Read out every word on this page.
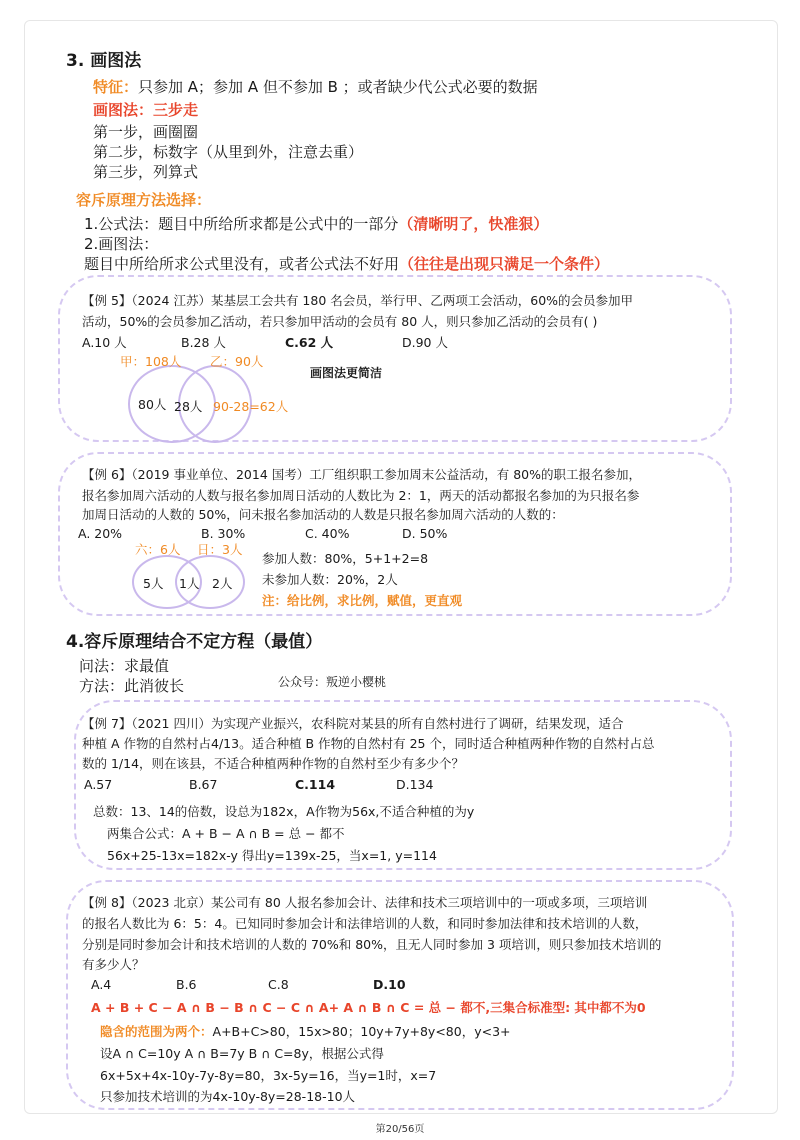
3. 画图法
特征：只参加 A；参加 A 但不参加 B ；或者缺少代公式必要的数据
画图法：三步走
第一步，画圈圈
第二步，标数字（从里到外，注意去重）
第三步，列算式
容斥原理方法选择：
1.公式法：题目中所给所求都是公式中的一部分（清晰明了，快准狠）
2.画图法：
题目中所给所求公式里没有，或者公式法不好用（往往是出现只满足一个条件）
【例 5】（2024 江苏）某基层工会共有 180 名会员，举行甲、乙两项工会活动，60%的会员参加甲
活动，50%的会员参加乙活动，若只参加甲活动的会员有 80 人，则只参加乙活动的会员有( )
A.10 人	B.28 人	C.62 人	D.90 人
甲：108人 乙：90人
80人 28人 90-28=62人
画图法更简洁
【例 6】（2019 事业单位、2014 国考）工厂组织职工参加周末公益活动，有 80%的职工报名参加，
报名参加周六活动的人数与报名参加周日活动的人数比为 2：1，两天的活动都报名参加的为只报名参
加周日活动的人数的 50%，问未报名参加活动的人数是只报名参加周六活动的人数的：
A. 20%	B. 30%	C. 40%	D. 50%
六：6人 日：3人
5人 1人 2人
参加人数：80%，5+1+2=8
未参加人数：20%，2人
注：给比例，求比例，赋值，更直观
4.容斥原理结合不定方程（最值）
问法：求最值
方法：此消彼长	公众号：叛逆小樱桃
【例 7】（2021 四川）为实现产业振兴，农科院对某县的所有自然村进行了调研，结果发现，适合
种植 A 作物的自然村占4/13。适合种植 B 作物的自然村有 25 个，同时适合种植两种作物的自然村占总
数的 1/14，则在该县，不适合种植两种作物的自然村至少有多少个？
A.57	B.67	C.114	D.134
总数：13、14的倍数，设总为182x，A作物为56x,不适合种植的为y
两集合公式：A + B − A ∩ B = 总 − 都不
56x+25-13x=182x-y 得出y=139x-25，当x=1, y=114
【例 8】（2023 北京）某公司有 80 人报名参加会计、法律和技术三项培训中的一项或多项，三项培训
的报名人数比为 6：5：4。已知同时参加会计和法律培训的人数，和同时参加法律和技术培训的人数，
分别是同时参加会计和技术培训的人数的 70%和 80%，且无人同时参加 3 项培训，则只参加技术培训的
有多少人？
A.4	B.6	C.8	D.10
A + B + C − A ∩ B − B ∩ C − C ∩ A+ A ∩ B ∩ C = 总 − 都不,三集合标准型: 其中都不为0
隐含的范围为两个：A+B+C>80，15x>80；10y+7y+8y<80，y<3+
设A ∩ C=10y A ∩ B=7y B ∩ C=8y，根据公式得
6x+5x+4x-10y-7y-8y=80，3x-5y=16，当y=1时，x=7
只参加技术培训的为4x-10y-8y=28-18-10人
第20/56页
